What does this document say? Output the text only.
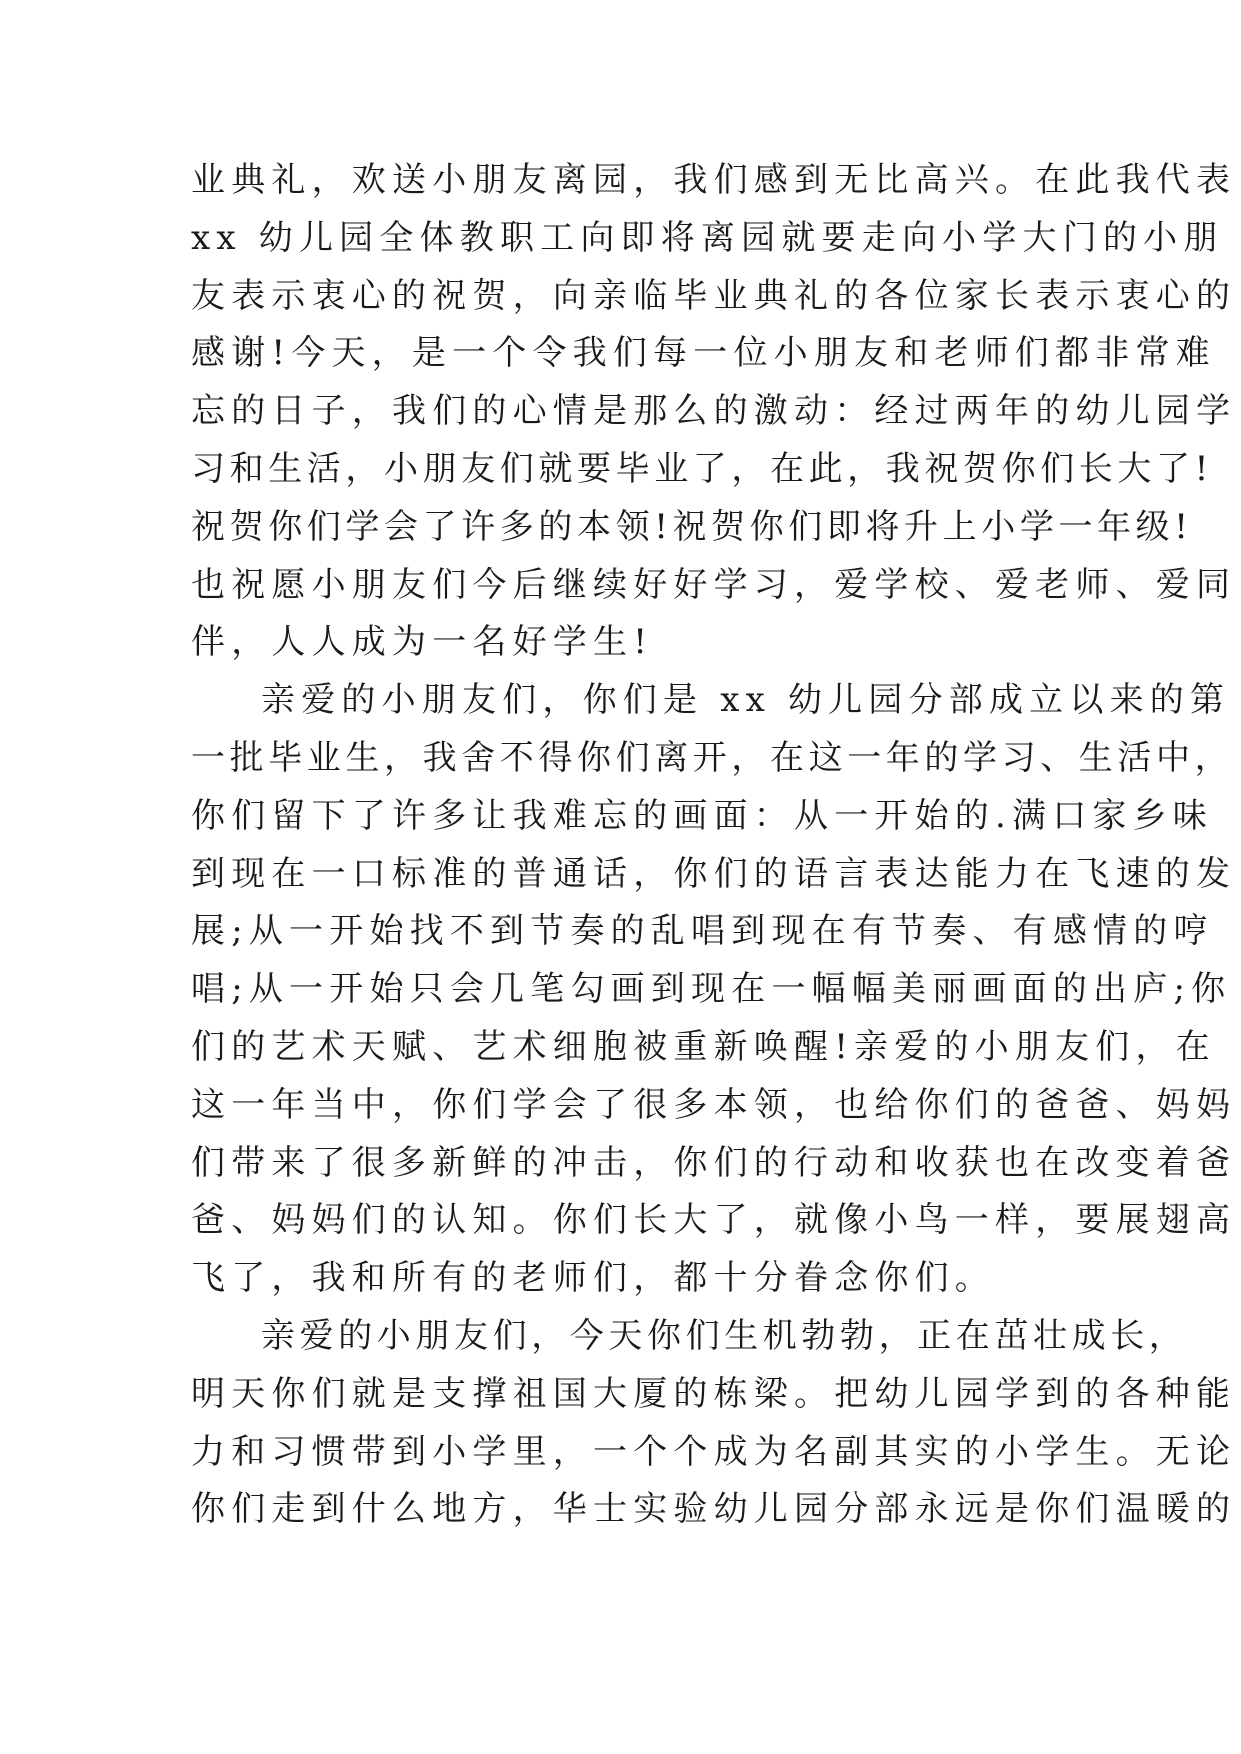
业典礼，欢送小朋友离园，我们感到无比高兴。在此我代表
xx 幼儿园全体教职工向即将离园就要走向小学大门的小朋
友表示衷心的祝贺，向亲临毕业典礼的各位家长表示衷心的
感谢!今天，是一个令我们每一位小朋友和老师们都非常难
忘的日子，我们的心情是那么的激动：经过两年的幼儿园学
习和生活，小朋友们就要毕业了，在此，我祝贺你们长大了!
祝贺你们学会了许多的本领!祝贺你们即将升上小学一年级!
也祝愿小朋友们今后继续好好学习，爱学校、爱老师、爱同
伴，人人成为一名好学生!
亲爱的小朋友们，你们是 xx 幼儿园分部成立以来的第
一批毕业生，我舍不得你们离开，在这一年的学习、生活中，
你们留下了许多让我难忘的画面：从一开始的.满口家乡味
到现在一口标准的普通话，你们的语言表达能力在飞速的发
展;从一开始找不到节奏的乱唱到现在有节奏、有感情的哼
唱;从一开始只会几笔勾画到现在一幅幅美丽画面的出庐;你
们的艺术天赋、艺术细胞被重新唤醒!亲爱的小朋友们，在
这一年当中，你们学会了很多本领，也给你们的爸爸、妈妈
们带来了很多新鲜的冲击，你们的行动和收获也在改变着爸
爸、妈妈们的认知。你们长大了，就像小鸟一样，要展翅高
飞了，我和所有的老师们，都十分眷念你们。
亲爱的小朋友们，今天你们生机勃勃，正在茁壮成长，
明天你们就是支撑祖国大厦的栋梁。把幼儿园学到的各种能
力和习惯带到小学里，一个个成为名副其实的小学生。无论
你们走到什么地方，华士实验幼儿园分部永远是你们温暖的
